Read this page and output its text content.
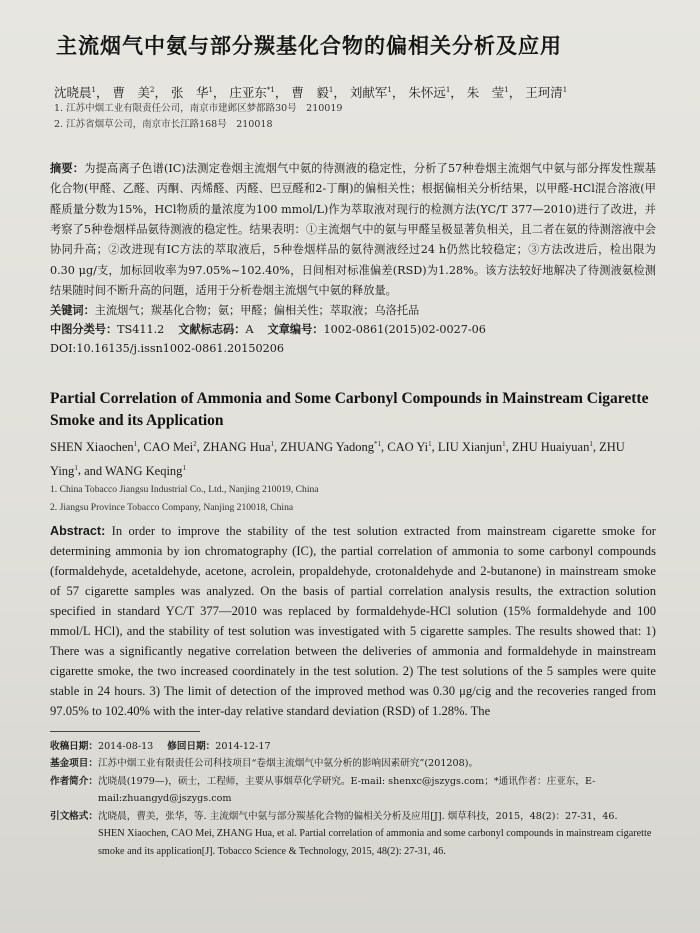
主流烟气中氨与部分羰基化合物的偏相关分析及应用
沈晓晨$^1$， 曹　美$^2$， 张　华$^1$， 庄亚东$^{*1}$， 曹　毅$^1$， 刘献军$^1$， 朱怀远$^1$， 朱　莹$^1$， 王珂清$^1$
1. 江苏中烟工业有限责任公司，南京市建邺区梦都路30号　210019
2. 江苏省烟草公司，南京市长江路168号　210018

摘要：为提高离子色谱(IC)法测定卷烟主流烟气中氨的待测液的稳定性，分析了57种卷烟主流烟气中氨与部分挥发性羰基化合物(甲醛、乙醛、丙酮、丙烯醛、丙醛、巴豆醛和2-丁酮)的偏相关性；根据偏相关分析结果，以甲醛-HCl混合溶液(甲醛质量分数为15%，HCl物质的量浓度为100 mmol/L)作为萃取液对现行的检测方法(YC/T 377—2010)进行了改进，并考察了5种卷烟样品氨待测液的稳定性。结果表明：①主流烟气中的氨与甲醛呈极显著负相关，且二者在氨的待测溶液中会协同升高；②改进现有IC方法的萃取液后，5种卷烟样品的氨待测液经过24 h仍然比较稳定；③方法改进后，检出限为0.30 μg/支，加标回收率为97.05%~102.40%，日间相对标准偏差(RSD)为1.28%。该方法较好地解决了待测液氨检测结果随时间不断升高的问题，适用于分析卷烟主流烟气中氨的释放量。

关键词：主流烟气；羰基化合物；氨；甲醛；偏相关性；萃取液；乌洛托品
中图分类号：TS411.2 文献标志码：A 文章编号：1002-0861(2015)02-0027-06
DOI:10.16135/j.issn1002-0861.20150206
Partial Correlation of Ammonia and Some Carbonyl Compounds in Mainstream Cigarette Smoke and its Application
SHEN Xiaochen$^1$, CAO Mei$^2$, ZHANG Hua$^1$, ZHUANG Yadong$^{*1}$, CAO Yi$^1$, LIU Xianjun$^1$, ZHU Huaiyuan$^1$, ZHU Ying$^1$, and WANG Keqing$^1$
1. China Tobacco Jiangsu Industrial Co., Ltd., Nanjing 210019, China
2. Jiangsu Province Tobacco Company, Nanjing 210018, China

Abstract: In order to improve the stability of the test solution extracted from mainstream cigarette smoke for determining ammonia by ion chromatography (IC), the partial correlation of ammonia to some carbonyl compounds (formaldehyde, acetaldehyde, acetone, acrolein, propaldehyde, crotonaldehyde and 2-butanone) in mainstream smoke of 57 cigarette samples was analyzed. On the basis of partial correlation analysis results, the extraction solution specified in standard YC/T 377—2010 was replaced by formaldehyde-HCl solution (15% formaldehyde and 100 mmol/L HCl), and the stability of test solution was investigated with 5 cigarette samples. The results showed that: 1) There was a significantly negative correlation between the deliveries of ammonia and formaldehyde in mainstream cigarette smoke, the two increased coordinately in the test solution. 2) The test solutions of the 5 samples were quite stable in 24 hours. 3) The limit of detection of the improved method was 0.30 μg/cig and the recoveries ranged from 97.05% to 102.40% with the inter-day relative standard deviation (RSD) of 1.28%. The

收稿日期： 2014-08-13 修回日期： 2014-12-17
基金项目： 江苏中烟工业有限责任公司科技项目“卷烟主流烟气中氨分析的影响因素研究”(201208)。
作者简介： 沈晓晨(1979—)，硕士，工程师，主要从事烟草化学研究。E-mail: shenxc@jszygs.com；*通讯作者：庄亚东，E-mail:zhuangyd@jszygs.com
引文格式： 沈晓晨，曹美，张华，等. 主流烟气中氨与部分羰基化合物的偏相关分析及应用[J]. 烟草科技，2015，48(2)：27-31，46.
SHEN Xiaochen, CAO Mei, ZHANG Hua, et al. Partial correlation of ammonia and some carbonyl compounds in mainstream cigarette smoke and its application[J]. Tobacco Science & Technology, 2015, 48(2): 27-31, 46.
